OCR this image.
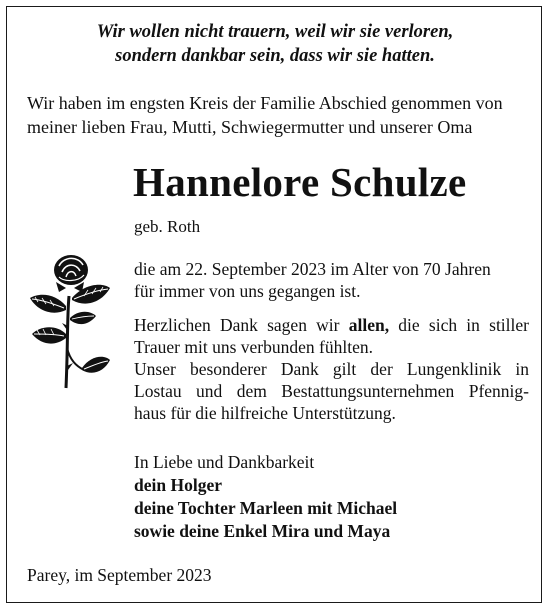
Wir wollen nicht trauern, weil wir sie verloren,
sondern dankbar sein, dass wir sie hatten.
Wir haben im engsten Kreis der Familie Abschied genommen von
meiner lieben Frau, Mutti, Schwiegermutter und unserer Oma
Hannelore Schulze
geb. Roth
die am 22. September 2023 im Alter von 70 Jahren
für immer von uns gegangen ist.
Herzlichen Dank sagen wir allen, die sich in stiller
Trauer mit uns verbunden fühlten.
Unser besonderer Dank gilt der Lungenklinik in
Lostau und dem Bestattungsunternehmen Pfennig-
haus für die hilfreiche Unterstützung.
In Liebe und Dankbarkeit
dein Holger
deine Tochter Marleen mit Michael
sowie deine Enkel Mira und Maya
Parey, im September 2023
